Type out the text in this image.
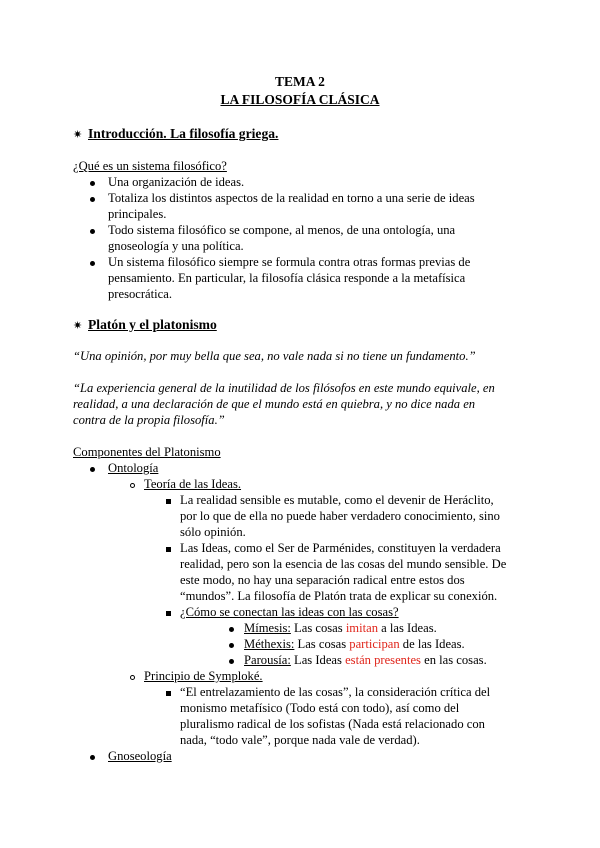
TEMA 2
LA FILOSOFÍA CLÁSICA
✷ Introducción. La filosofía griega.
¿Qué es un sistema filosófico?
Una organización de ideas.
Totaliza los distintos aspectos de la realidad en torno a una serie de ideas
principales.
Todo sistema filosófico se compone, al menos, de una ontología, una
gnoseología y una política.
Un sistema filosófico siempre se formula contra otras formas previas de
pensamiento. En particular, la filosofía clásica responde a la metafísica
presocrática.
✷ Platón y el platonismo
“Una opinión, por muy bella que sea, no vale nada si no tiene un fundamento.”
“La experiencia general de la inutilidad de los filósofos en este mundo equivale, en
realidad, a una declaración de que el mundo está en quiebra, y no dice nada en
contra de la propia filosofía.”
Componentes del Platonismo
Ontología
Teoría de las Ideas.
La realidad sensible es mutable, como el devenir de Heráclito,
por lo que de ella no puede haber verdadero conocimiento, sino
sólo opinión.
Las Ideas, como el Ser de Parménides, constituyen la verdadera
realidad, pero son la esencia de las cosas del mundo sensible. De
este modo, no hay una separación radical entre estos dos
“mundos”. La filosofía de Platón trata de explicar su conexión.
¿Cómo se conectan las ideas con las cosas?
Mímesis: Las cosas imitan a las Ideas.
Méthexis: Las cosas participan de las Ideas.
Parousía: Las Ideas están presentes en las cosas.
Principio de Symploké.
“El entrelazamiento de las cosas”, la consideración crítica del
monismo metafísico (Todo está con todo), así como del
pluralismo radical de los sofistas (Nada está relacionado con
nada, “todo vale”, porque nada vale de verdad).
Gnoseología
